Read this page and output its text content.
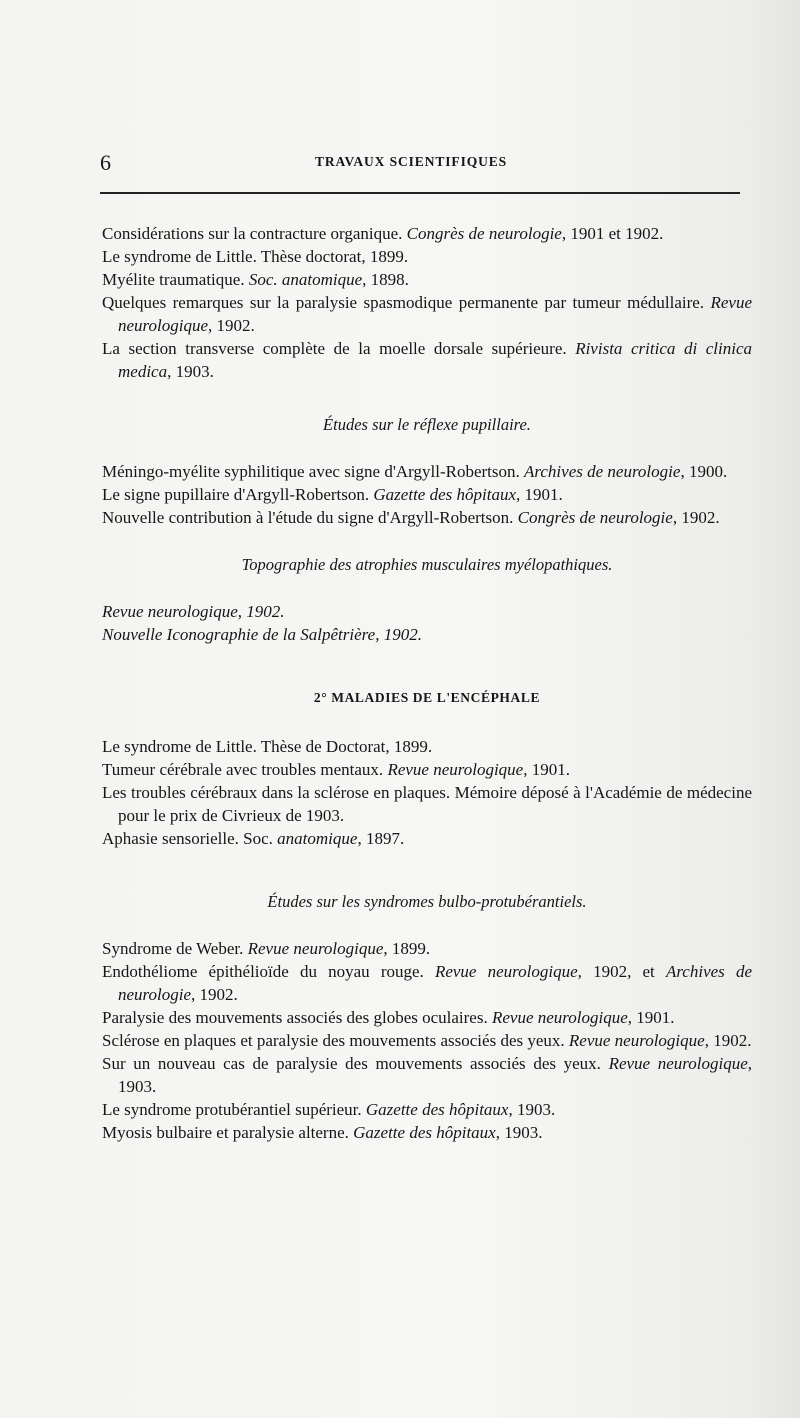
6	TRAVAUX SCIENTIFIQUES

Considérations sur la contracture organique. Congrès de neurologie, 1901 et 1902.

Le syndrome de Little. Thèse doctorat, 1899.

Myélite traumatique. Soc. anatomique, 1898.

Quelques remarques sur la paralysie spasmodique permanente par tumeur médullaire. Revue neurologique, 1902.

La section transverse complète de la moelle dorsale supérieure. Rivista critica di clinica medica, 1903.

Études sur le réflexe pupillaire.

Méningo-myélite syphilitique avec signe d'Argyll-Robertson. Archives de neurologie, 1900.

Le signe pupillaire d'Argyll-Robertson. Gazette des hôpitaux, 1901.

Nouvelle contribution à l'étude du signe d'Argyll-Robertson. Congrès de neurologie, 1902.

Topographie des atrophies musculaires myélopathiques.

Revue neurologique, 1902.

Nouvelle Iconographie de la Salpêtrière, 1902.

2° MALADIES DE L'ENCÉPHALE

Le syndrome de Little. Thèse de Doctorat, 1899.

Tumeur cérébrale avec troubles mentaux. Revue neurologique, 1901.

Les troubles cérébraux dans la sclérose en plaques. Mémoire déposé à l'Académie de médecine pour le prix de Civrieux de 1903.

Aphasie sensorielle. Soc. anatomique, 1897.

Études sur les syndromes bulbo-protubérantiels.

Syndrome de Weber. Revue neurologique, 1899.

Endothéliome épithélioïde du noyau rouge. Revue neurologique, 1902, et Archives de neurologie, 1902.

Paralysie des mouvements associés des globes oculaires. Revue neurologique, 1901.

Sclérose en plaques et paralysie des mouvements associés des yeux. Revue neurologique, 1902.

Sur un nouveau cas de paralysie des mouvements associés des yeux. Revue neurologique, 1903.

Le syndrome protubérantiel supérieur. Gazette des hôpitaux, 1903.

Myosis bulbaire et paralysie alterne. Gazette des hôpitaux, 1903.
